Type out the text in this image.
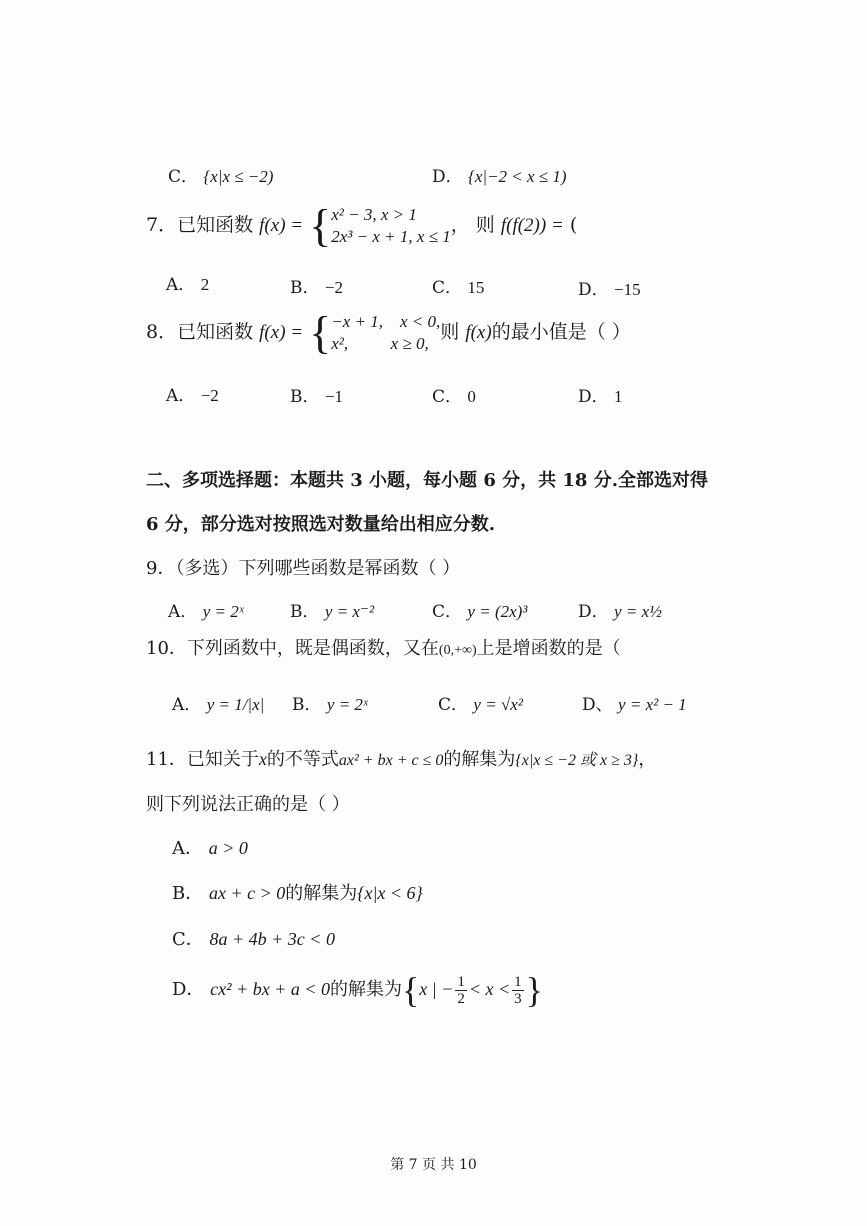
C． {x|x ≤ −2)	D． {x|−2 < x ≤ 1)
7．已知函数 f(x) = { x² − 3, x > 1
2x³ − x + 1, x ≤ 1
， 则 f(f(2)) = (
A． 2	B． −2	C． 15	D． −15
8．已知函数 f(x) = { −x + 1,    x < 0,
x²,          x ≥ 0,
则 f(x)的最小值是（ ）
A． −2	B． −1	C． 0	D． 1
二、多项选择题：本题共 3 小题，每小题 6 分，共 18 分.全部选对得
6 分，部分选对按照选对数量给出相应分数.
9．（多选）下列哪些函数是幂函数（ ）
A． y = 2ˣ	B． y = x⁻²	C． y = (2x)³	D． y = x½
10．下列函数中，既是偶函数，又在(0,+∞)上是增函数的是（
A． y = 1/|x| B． y = 2ˣ	C． y = √x²	D、 y = x² − 1
11．已知关于x的不等式ax² + bx + c ≤ 0的解集为{x|x ≤ −2 或 x ≥ 3}，
则下列说法正确的是（ ）
A． a > 0
B． ax + c > 0的解集为{x|x < 6}
C． 8a + 4b + 3c < 0
D． cx² + bx + a < 0的解集为{x | − $\frac{1}{2} < x < \frac{1}{3}$ }
第 7 页 共 10
